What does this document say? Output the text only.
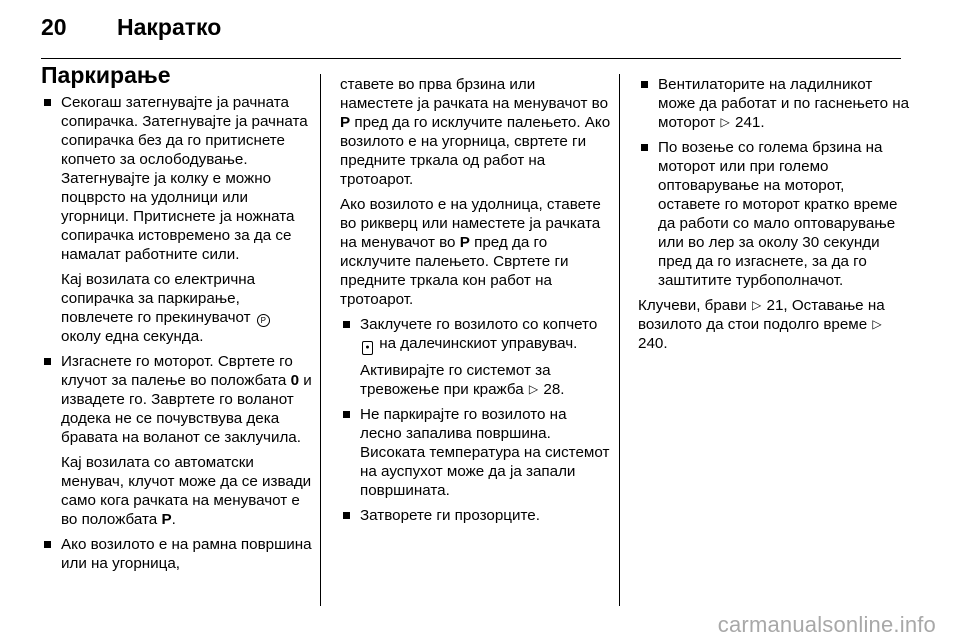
20 Накратко
Паркирање
Секогаш затегнувајте ја рачната сопирачка. Затегнувајте ја рачната сопирачка без да го притиснете копчето за ослободување. Затегнувајте ја колку е можно поцврсто на удолници или угорници. Притиснете ја ножната сопирачка истовремено за да се намалат работните сили.
Кај возилата со електрична сопирачка за паркирање, повлечете го прекинувачот P околу една секунда.
Изгаснете го моторот. Свртете го клучот за палење во положбата 0 и извадете го. Завртете го воланот додека не се почувствува дека бравата на воланот се заклучила.
Кај возилата со автоматски менувач, клучот може да се извади само кога рачката на менувачот е во положбата P.
Ако возилото е на рамна површина или на угорница,
ставете во прва брзина или наместете ја рачката на менувачот во P пред да го исклучите палењето. Ако возилото е на угорница, свртете ги предните тркала од работ на тротоарот.
Ако возилото е на удолница, ставете во рикверц или наместете ја рачката на менувачот во P пред да го исклучите палењето. Свртете ги предните тркала кон работ на тротоарот.
Заклучете го возилото со копчето ● на далечинскиот управувач.
Активирајте го системот за тревожење при кражба ▷ 28.
Не паркирајте го возилото на лесно запалива површина. Високата температура на системот на ауспухот може да ја запали површината.
Затворете ги прозорците.
Вентилаторите на ладилникот може да работат и по гаснењето на моторот ▷ 241.
По возење со голема брзина на моторот или при големо оптоварување на моторот, оставете го моторот кратко време да работи со мало оптоварување или во лер за околу 30 секунди пред да го изгаснете, за да го заштитите турбополначот.
Клучеви, брави ▷ 21, Оставање на возилото да стои подолго време ▷ 240.
carmanualsonline.info
